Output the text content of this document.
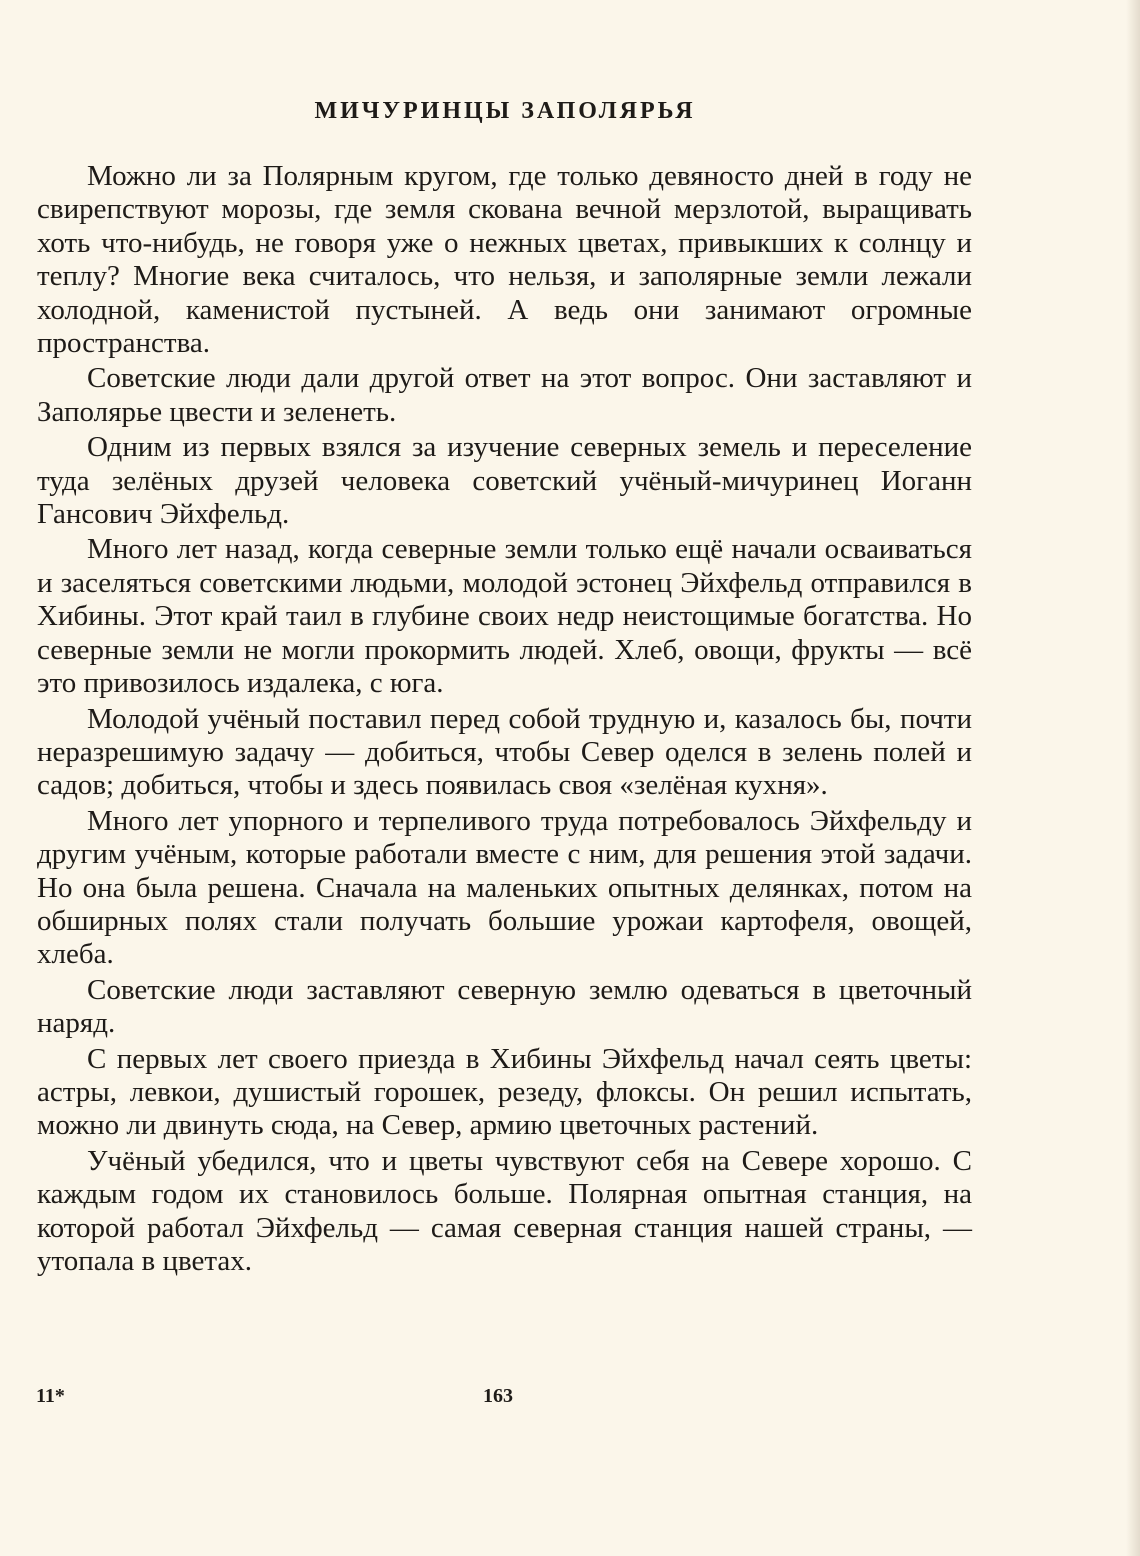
МИЧУРИНЦЫ ЗАПОЛЯРЬЯ

Можно ли за Полярным кругом, где только девяносто дней в году не свирепствуют морозы, где земля скована вечной мерзлотой, выращивать хоть что-нибудь, не говоря уже о нежных цветах, привыкших к солнцу и теплу? Многие века считалось, что нельзя, и заполярные земли лежали холодной, каменистой пустыней. А ведь они занимают огромные пространства.

Советские люди дали другой ответ на этот вопрос. Они заставляют и Заполярье цвести и зеленеть.

Одним из первых взялся за изучение северных земель и переселение туда зелёных друзей человека советский учёный-мичуринец Иоганн Гансович Эйхфельд.

Много лет назад, когда северные земли только ещё начали осваиваться и заселяться советскими людьми, молодой эстонец Эйхфельд отправился в Хибины. Этот край таил в глубине своих недр неистощимые богатства. Но северные земли не могли прокормить людей. Хлеб, овощи, фрукты — всё это привозилось издалека, с юга.

Молодой учёный поставил перед собой трудную и, казалось бы, почти неразрешимую задачу — добиться, чтобы Север оделся в зелень полей и садов; добиться, чтобы и здесь появилась своя «зелёная кухня».

Много лет упорного и терпеливого труда потребовалось Эйхфельду и другим учёным, которые работали вместе с ним, для решения этой задачи. Но она была решена. Сначала на маленьких опытных делянках, потом на обширных полях стали получать большие урожаи картофеля, овощей, хлеба.

Советские люди заставляют северную землю одеваться в цветочный наряд.

С первых лет своего приезда в Хибины Эйхфельд начал сеять цветы: астры, левкои, душистый горошек, резеду, флоксы. Он решил испытать, можно ли двинуть сюда, на Север, армию цветочных растений.

Учёный убедился, что и цветы чувствуют себя на Севере хорошо. С каждым годом их становилось больше. Полярная опытная станция, на которой работал Эйхфельд — самая северная станция нашей страны, — утопала в цветах.

11*	163
